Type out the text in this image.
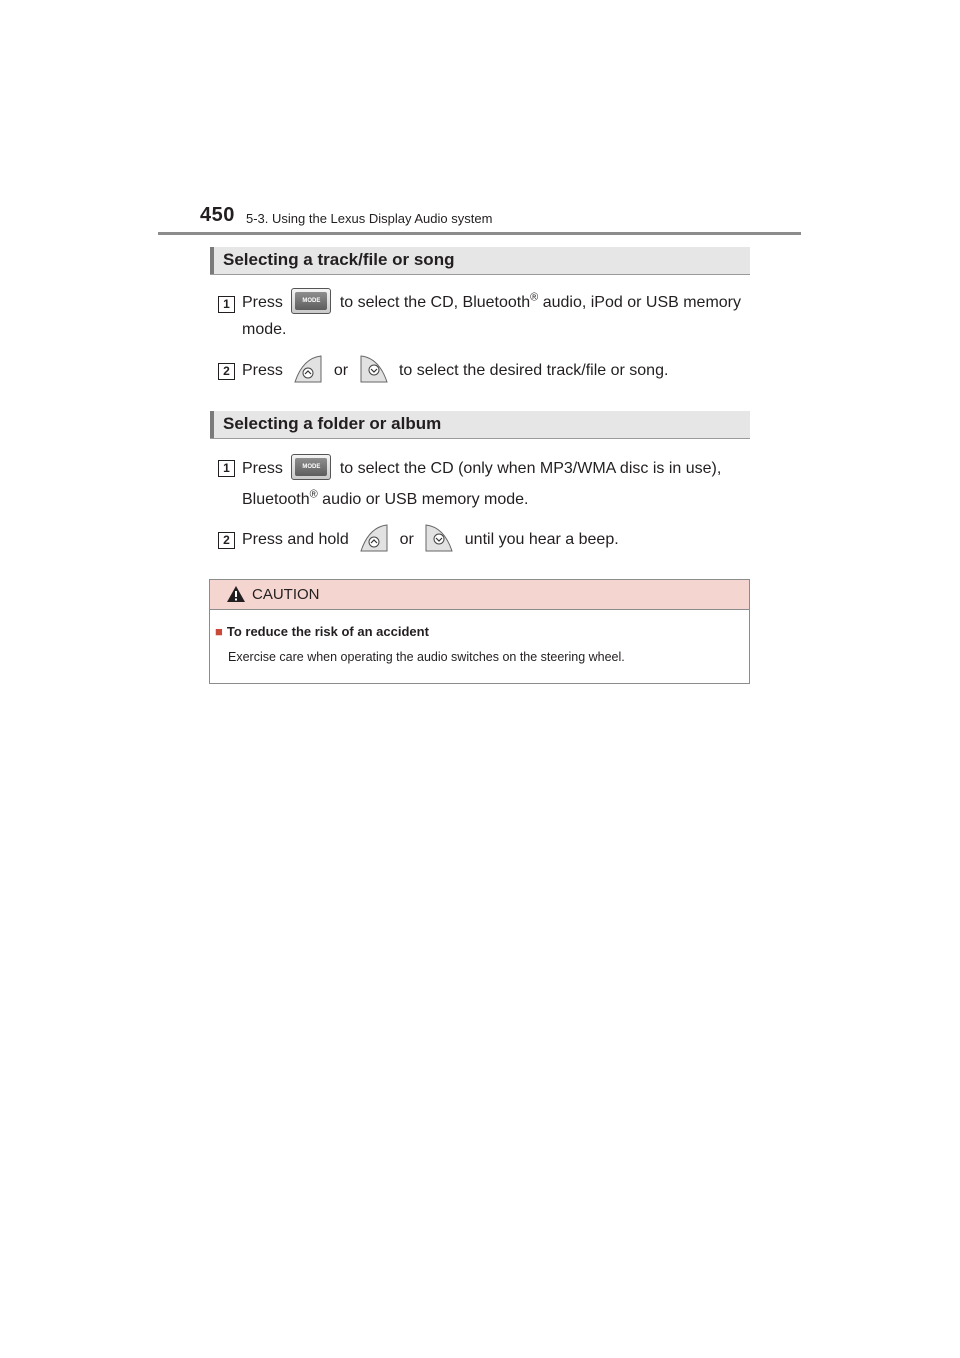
450 5-3. Using the Lexus Display Audio system
Selecting a track/file or song
1 Press	MODE	to select the CD, Bluetooth® audio, iPod or USB memory
mode.
2 Press	or	to select the desired track/file or song.
Selecting a folder or album
1 Press	MODE	to select the CD (only when MP3/WMA disc is in use),
Bluetooth® audio or USB memory mode.
2 Press and hold	or	until you hear a beep.
CAUTION
■ To reduce the risk of an accident
Exercise care when operating the audio switches on the steering wheel.
